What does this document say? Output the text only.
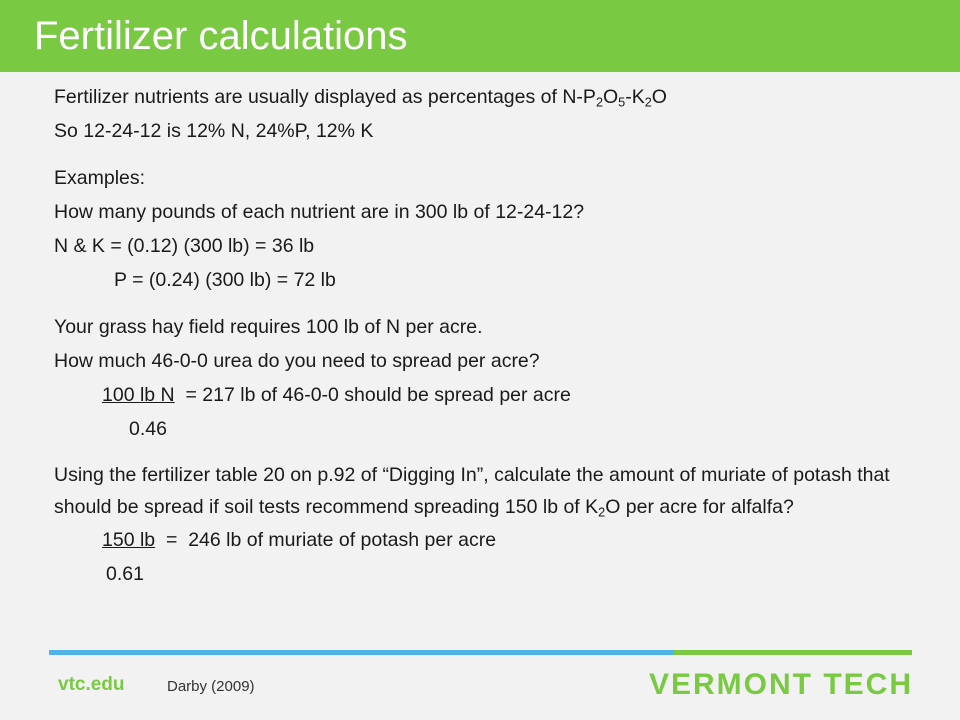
Fertilizer calculations
Fertilizer nutrients are usually displayed as percentages of $N-P_2O_5-K_2O$
So 12-24-12 is 12% N, 24%P, 12% K
Examples:
How many pounds of each nutrient are in 300 lb of 12-24-12?
N & K = (0.12) (300 lb) = 36 lb
P = (0.24) (300 lb) = 72 lb
Your grass hay field requires 100 lb of N per acre.
How much 46-0-0 urea do you need to spread per acre?
100 lb N  = 217 lb of 46-0-0 should be spread per acre
0.46
Using the fertilizer table 20 on p.92 of “Digging In”, calculate the amount of muriate of potash that should be spread if soil tests recommend spreading 150 lb of $K_2O$ per acre for alfalfa?
150 lb  =  246 lb of muriate of potash per acre
0.61
vtc.edu	Darby (2009)	VERMONT TECH
